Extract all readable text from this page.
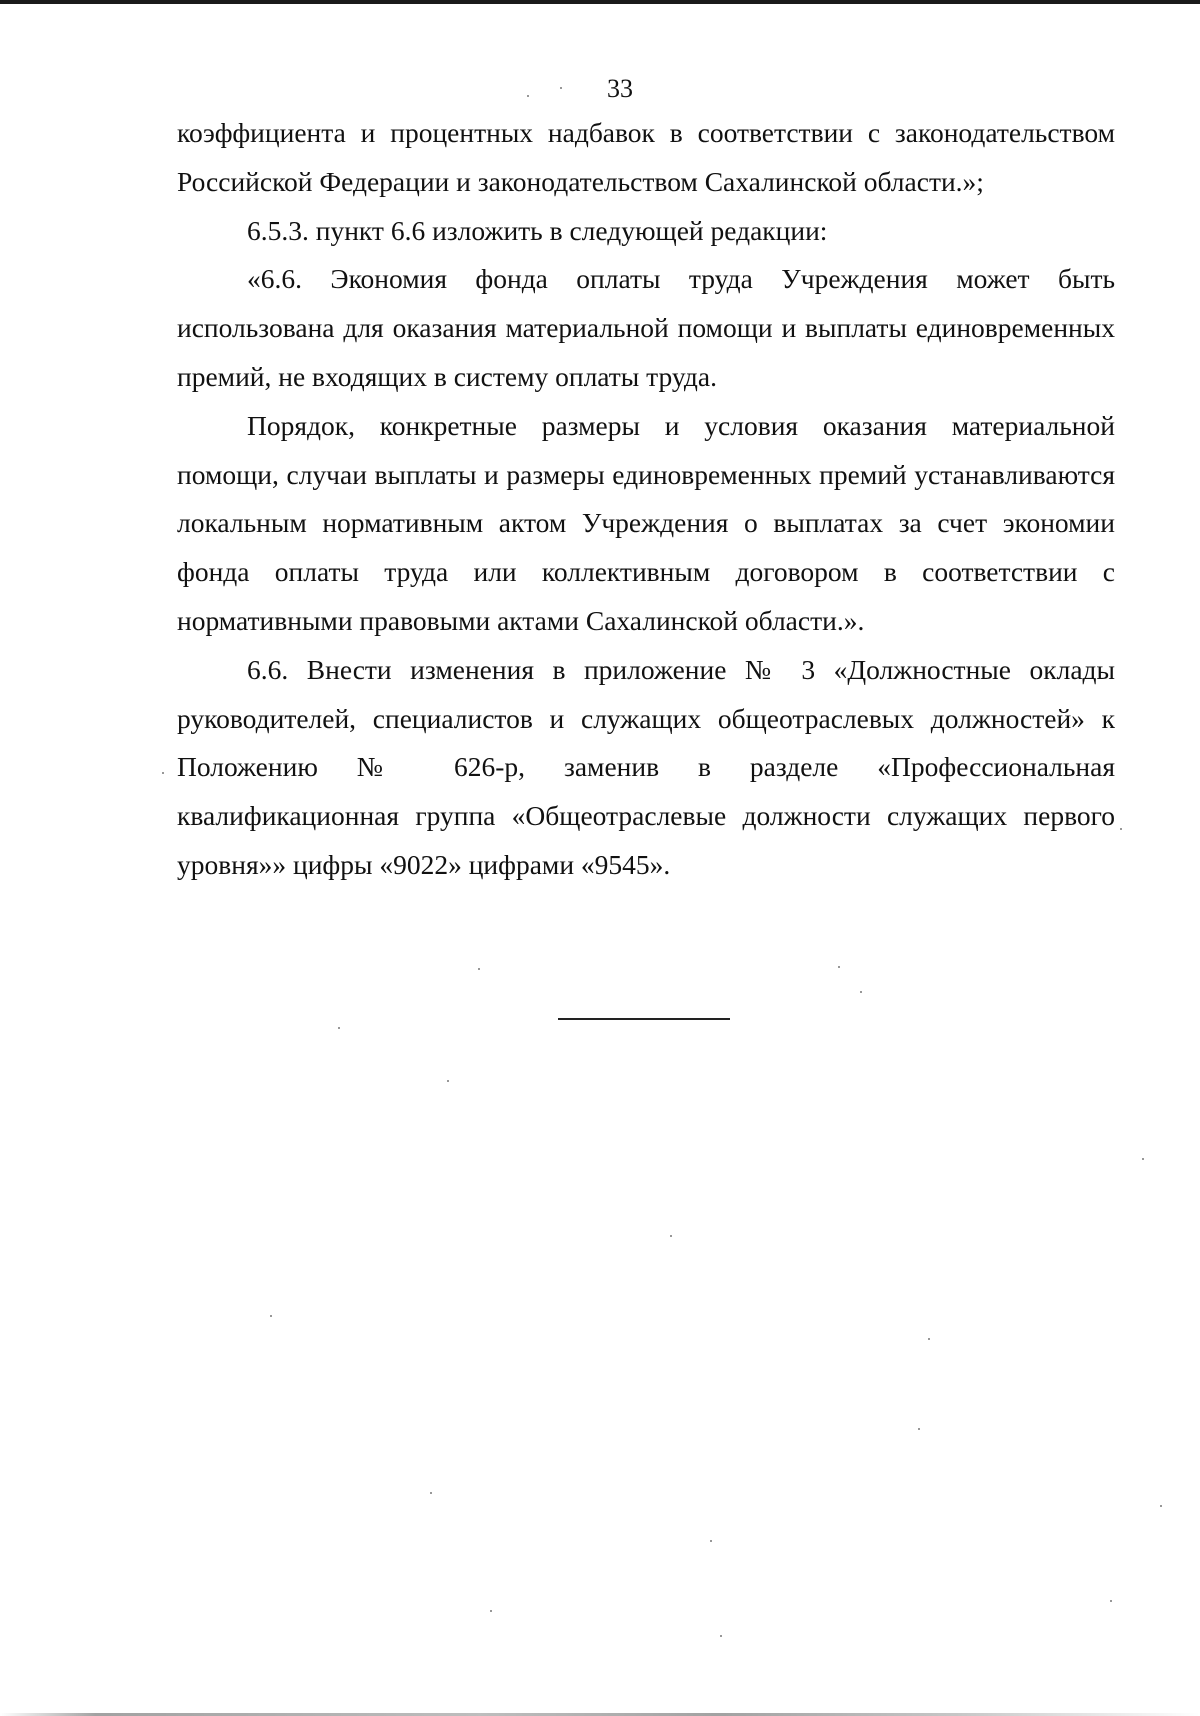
33

коэффициента и процентных надбавок в соответствии с законодательством Российской Федерации и законодательством Сахалинской области.»;

6.5.3. пункт 6.6 изложить в следующей редакции:

«6.6. Экономия фонда оплаты труда Учреждения может быть использована для оказания материальной помощи и выплаты единовременных премий, не входящих в систему оплаты труда.

Порядок, конкретные размеры и условия оказания материальной помощи, случаи выплаты и размеры единовременных премий устанавливаются локальным нормативным актом Учреждения о выплатах за счет экономии фонда оплаты труда или коллективным договором в соответствии с нормативными правовыми актами Сахалинской области.».

6.6. Внести изменения в приложение № 3 «Должностные оклады руководителей, специалистов и служащих общеотраслевых должностей» к Положению № 626-р, заменив в разделе «Профессиональная квалификационная группа «Общеотраслевые должности служащих первого уровня»» цифры «9022» цифрами «9545».
